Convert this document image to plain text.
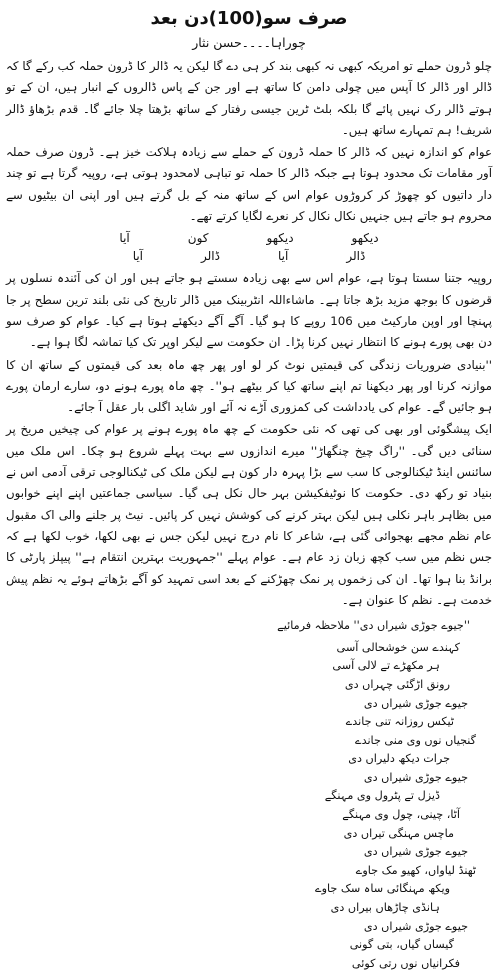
صرف سو(100)دن بعد
چوراہا۔۔۔۔حسن نثار

چلو ڈرون حملے تو امریکہ کبھی نہ کبھی بند کر ہی دے گا لیکن یہ ڈالر کا ڈرون حملہ کب رکے گا کہ ڈالر اور ڈالر کا آپس میں چولی دامن کا ساتھ ہے اور جن کے پاس ڈالروں کے انبار ہیں، ان کے تو ہوتے ڈالر رک نہیں پائے گا بلکہ بلٹ ٹرین جیسی رفتار کے ساتھ بڑھتا چلا جائے گا۔ قدم بڑھاؤ ڈالر شریف! ہم تمہارے ساتھ ہیں۔

عوام کو اندازہ نہیں کہ ڈالر کا حملہ ڈرون کے حملے سے زیادہ ہلاکت خیز ہے۔ ڈرون صرف حملہ آور مقامات تک محدود ہوتا ہے جبکہ ڈالر کا حملہ تو تباہی لامحدود ہوتی ہے، روپیہ گرتا ہے تو چند دار داتیوں کو چھوڑ کر کروڑوں عوام اس کے ساتھ منہ کے بل گرتے ہیں اور اپنی ان بیٹیوں سے محروم ہو جاتے ہیں جنہیں نکال نکال کر نعرے لگایا کرتے تھے۔

دیکھو
دیکھو
کون
آیا
ڈالر
آیا
ڈالر
آیا

روپیہ جتنا سستا ہوتا ہے، عوام اس سے بھی زیادہ سستے ہو جاتے ہیں اور ان کی آئندہ نسلوں پر قرضوں کا بوجھ مزید بڑھ جاتا ہے۔ ماشاءاللہ انٹربینک میں ڈالر تاریخ کی نئی بلند ترین سطح پر جا پہنچا اور اوپن مارکیٹ میں 106 روپے کا ہو گیا۔ آگے آگے دیکھئے ہوتا ہے کیا۔ عوام کو صرف سو دن بھی پورے ہونے کا انتظار نہیں کرنا پڑا۔ ان حکومت سے لیکر اوپر تک کیا تماشہ لگا ہوا ہے۔

''بنیادی ضروریات زندگی کی قیمتیں نوٹ کر لو اور پھر چھ ماہ بعد کی قیمتوں کے ساتھ ان کا موازنہ کرنا اور پھر دیکھنا تم اپنے ساتھ کیا کر بیٹھے ہو''۔ چھ ماہ پورے ہونے دو، سارے ارمان پورے ہو جائیں گے۔ عوام کی یادداشت کی کمزوری آڑے نہ آئے اور شاید اگلی بار عقل آ جائے۔

ایک پیشگوئی اور بھی کی تھی کہ نئی حکومت کے چھ ماہ پورے ہونے پر عوام کی چیخیں مریخ پر سنائی دیں گی۔ ''راگ چیخ چنگھاڑ'' میرے اندازوں سے بہت پہلے شروع ہو چکا۔ اس ملک میں سائنس اینڈ ٹیکنالوجی کا سب سے بڑا پہرہ دار کون ہے لیکن ملک کی ٹیکنالوجی ترقی آدمی اس نے بنیاد تو رکھ دی۔ حکومت کا نوٹیفکیشن بہر حال نکل ہی گیا۔ سیاسی جماعتیں اپنے اپنے خوابوں میں بظاہر باہر نکلی ہیں لیکن بہتر کرنے کی کوشش نہیں کر پائیں۔ نیٹ پر جلنے والی اک مقبول عام نظم مجھے بھجوائی گئی ہے، شاعر کا نام درج نہیں لیکن جس نے بھی لکھا، خوب لکھا ہے کہ جس نظم میں سب کچھ زبان زد عام ہے۔ عوام پہلے ''جمہوریت بہترین انتقام ہے'' پیپلز پارٹی کا برانڈ بنا ہوا تھا۔ ان کی زخموں پر نمک چھڑکنے کے بعد اسی تمہید کو آگے بڑھاتے ہوئے یہ نظم پیش خدمت ہے۔ نظم کا عنوان ہے۔

''جیوے جوڑی شیراں دی'' ملاحظہ فرمائیے
کہندے سن خوشحالی آسی
ہر مکھڑے تے لالی آسی
رونق اڑگئی چہراں دی
جیوے جوڑی شیراں دی
ٹیکس روزانہ تنی جاندے
گنجیاں نوں وی منی جاندے
جرات دیکھ دلیراں دی
جیوے جوڑی شیراں دی
ڈیزل تے پٹرول وی مہنگے
آٹا، چینی، چول وی مہنگے
ماچس مہنگی تیراں دی
جیوے جوڑی شیراں دی
ٹھنڈ لیاواں، کھیو مک جاوے
ویکھ مہنگائی ساہ سک جاوے
ہانڈی چاڑھاں بیراں دی
جیوے جوڑی شیراں دی
گیساں گیاں، بتی گونی
فکرانیاں نوں رتی کوئی
